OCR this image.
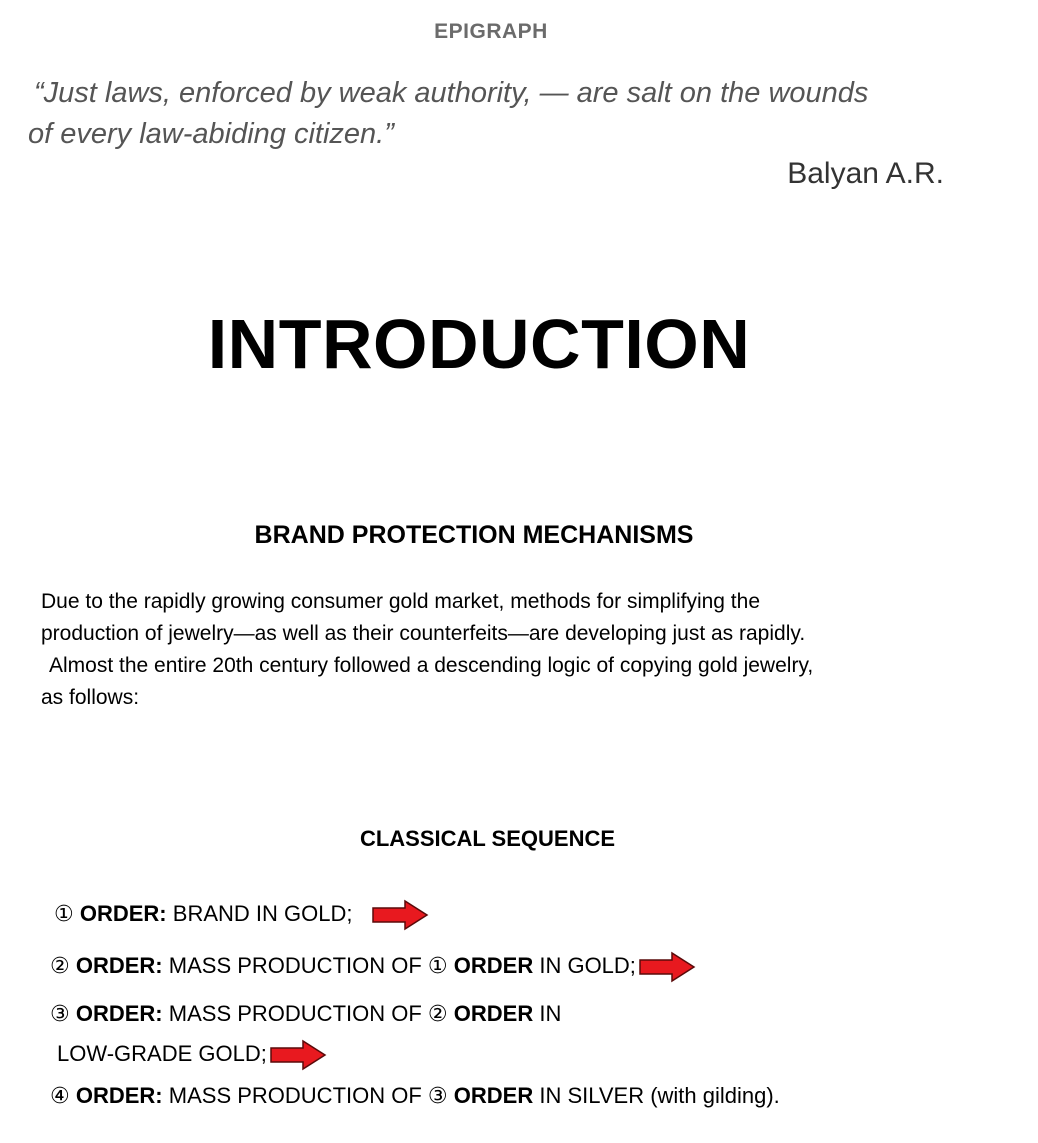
EPIGRAPH
“Just laws, enforced by weak authority, — are salt on the wounds
of every law-abiding citizen.”
Balyan A.R.
INTRODUCTION
BRAND PROTECTION MECHANISMS
Due to the rapidly growing consumer gold market, methods for simplifying the
production of jewelry—as well as their counterfeits—are developing just as rapidly.
Almost the entire 20th century followed a descending logic of copying gold jewelry,
as follows:
CLASSICAL SEQUENCE
① ORDER: BRAND IN GOLD;
② ORDER: MASS PRODUCTION OF ① ORDER IN GOLD;
③ ORDER: MASS PRODUCTION OF ② ORDER IN
LOW-GRADE GOLD;
④ ORDER: MASS PRODUCTION OF ③ ORDER IN SILVER (with gilding).
